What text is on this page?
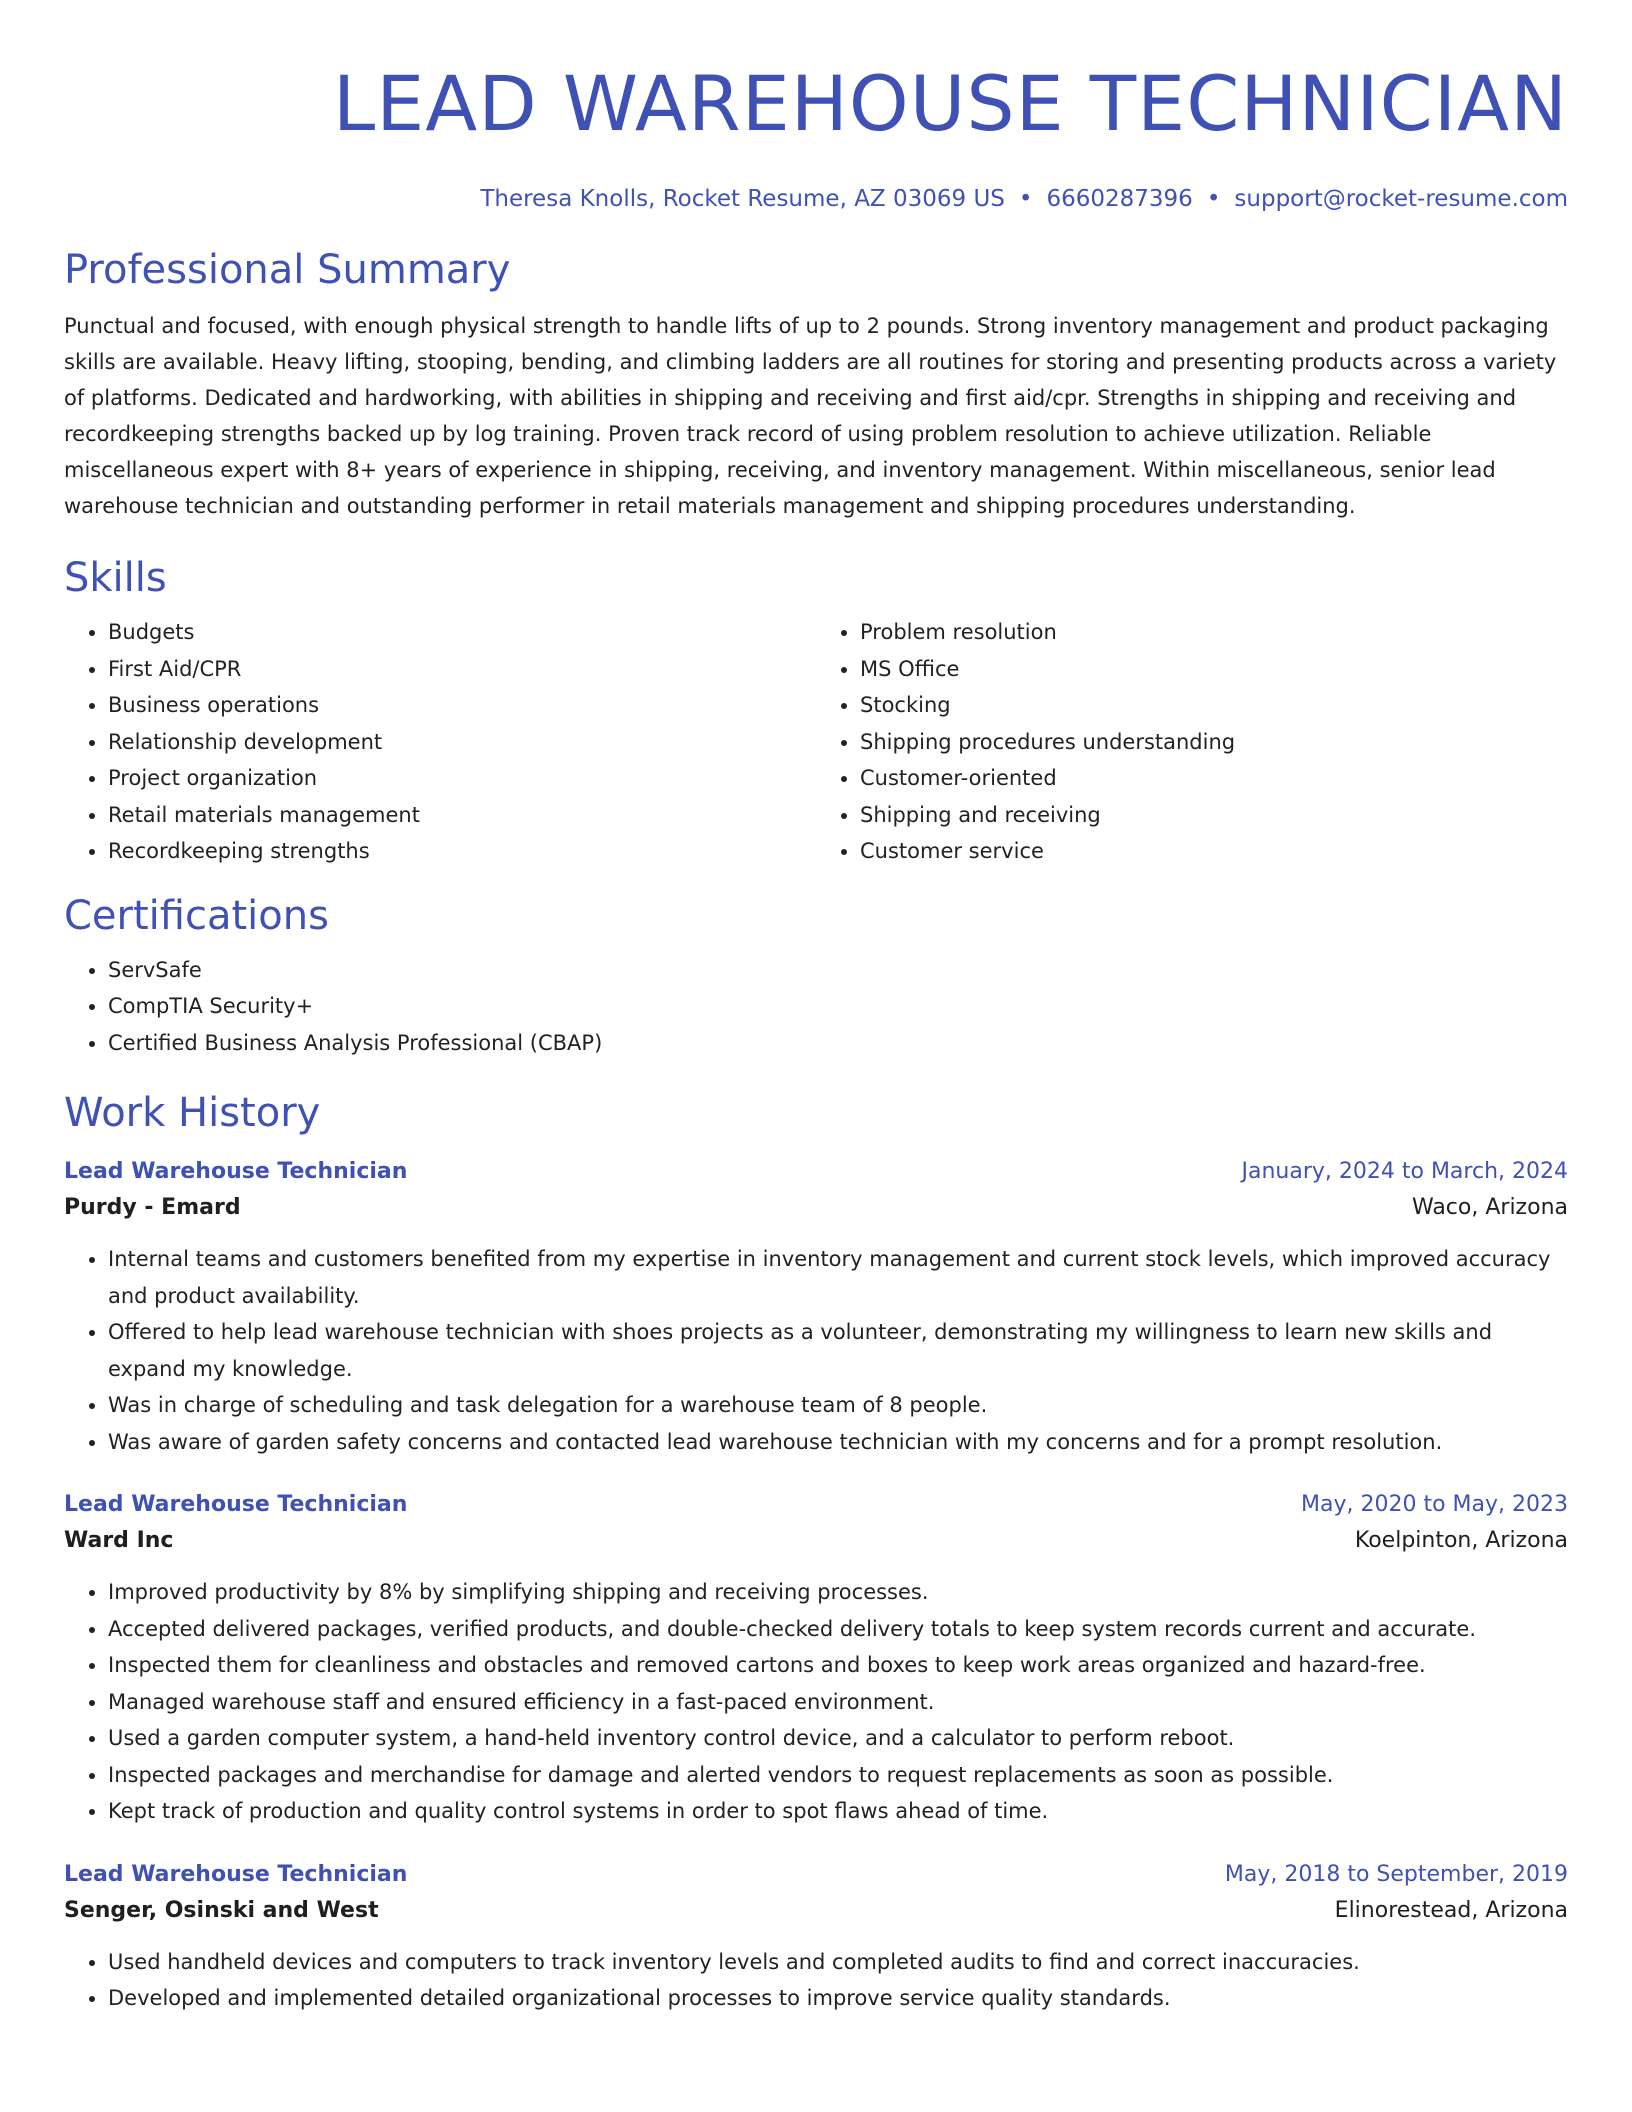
LEAD WAREHOUSE TECHNICIAN
Theresa Knolls, Rocket Resume, AZ 03069 US • 6660287396 • support@rocket-resume.com
Professional Summary

Punctual and focused, with enough physical strength to handle lifts of up to 2 pounds. Strong inventory management and product packaging skills are available. Heavy lifting, stooping, bending, and climbing ladders are all routines for storing and presenting products across a variety of platforms. Dedicated and hardworking, with abilities in shipping and receiving and first aid/cpr. Strengths in shipping and receiving and recordkeeping strengths backed up by log training. Proven track record of using problem resolution to achieve utilization. Reliable miscellaneous expert with 8+ years of experience in shipping, receiving, and inventory management. Within miscellaneous, senior lead warehouse technician and outstanding performer in retail materials management and shipping procedures understanding.

Skills
• Budgets
• First Aid/CPR
• Business operations
• Relationship development
• Project organization
• Retail materials management
• Recordkeeping strengths
• Problem resolution
• MS Office
• Stocking
• Shipping procedures understanding
• Customer-oriented
• Shipping and receiving
• Customer service
Certifications
• ServSafe
• CompTIA Security+
• Certified Business Analysis Professional (CBAP)
Work History
Lead Warehouse Technician	January, 2024 to March, 2024
Purdy - Emard	Waco, Arizona
• Internal teams and customers benefited from my expertise in inventory management and current stock levels, which improved accuracy and product availability.
• Offered to help lead warehouse technician with shoes projects as a volunteer, demonstrating my willingness to learn new skills and expand my knowledge.
• Was in charge of scheduling and task delegation for a warehouse team of 8 people.
• Was aware of garden safety concerns and contacted lead warehouse technician with my concerns and for a prompt resolution.
Lead Warehouse Technician	May, 2020 to May, 2023
Ward Inc	Koelpinton, Arizona
• Improved productivity by 8% by simplifying shipping and receiving processes.
• Accepted delivered packages, verified products, and double-checked delivery totals to keep system records current and accurate.
• Inspected them for cleanliness and obstacles and removed cartons and boxes to keep work areas organized and hazard-free.
• Managed warehouse staff and ensured efficiency in a fast-paced environment.
• Used a garden computer system, a hand-held inventory control device, and a calculator to perform reboot.
• Inspected packages and merchandise for damage and alerted vendors to request replacements as soon as possible.
• Kept track of production and quality control systems in order to spot flaws ahead of time.
Lead Warehouse Technician	May, 2018 to September, 2019
Senger, Osinski and West	Elinorestead, Arizona
• Used handheld devices and computers to track inventory levels and completed audits to find and correct inaccuracies.
• Developed and implemented detailed organizational processes to improve service quality standards.
